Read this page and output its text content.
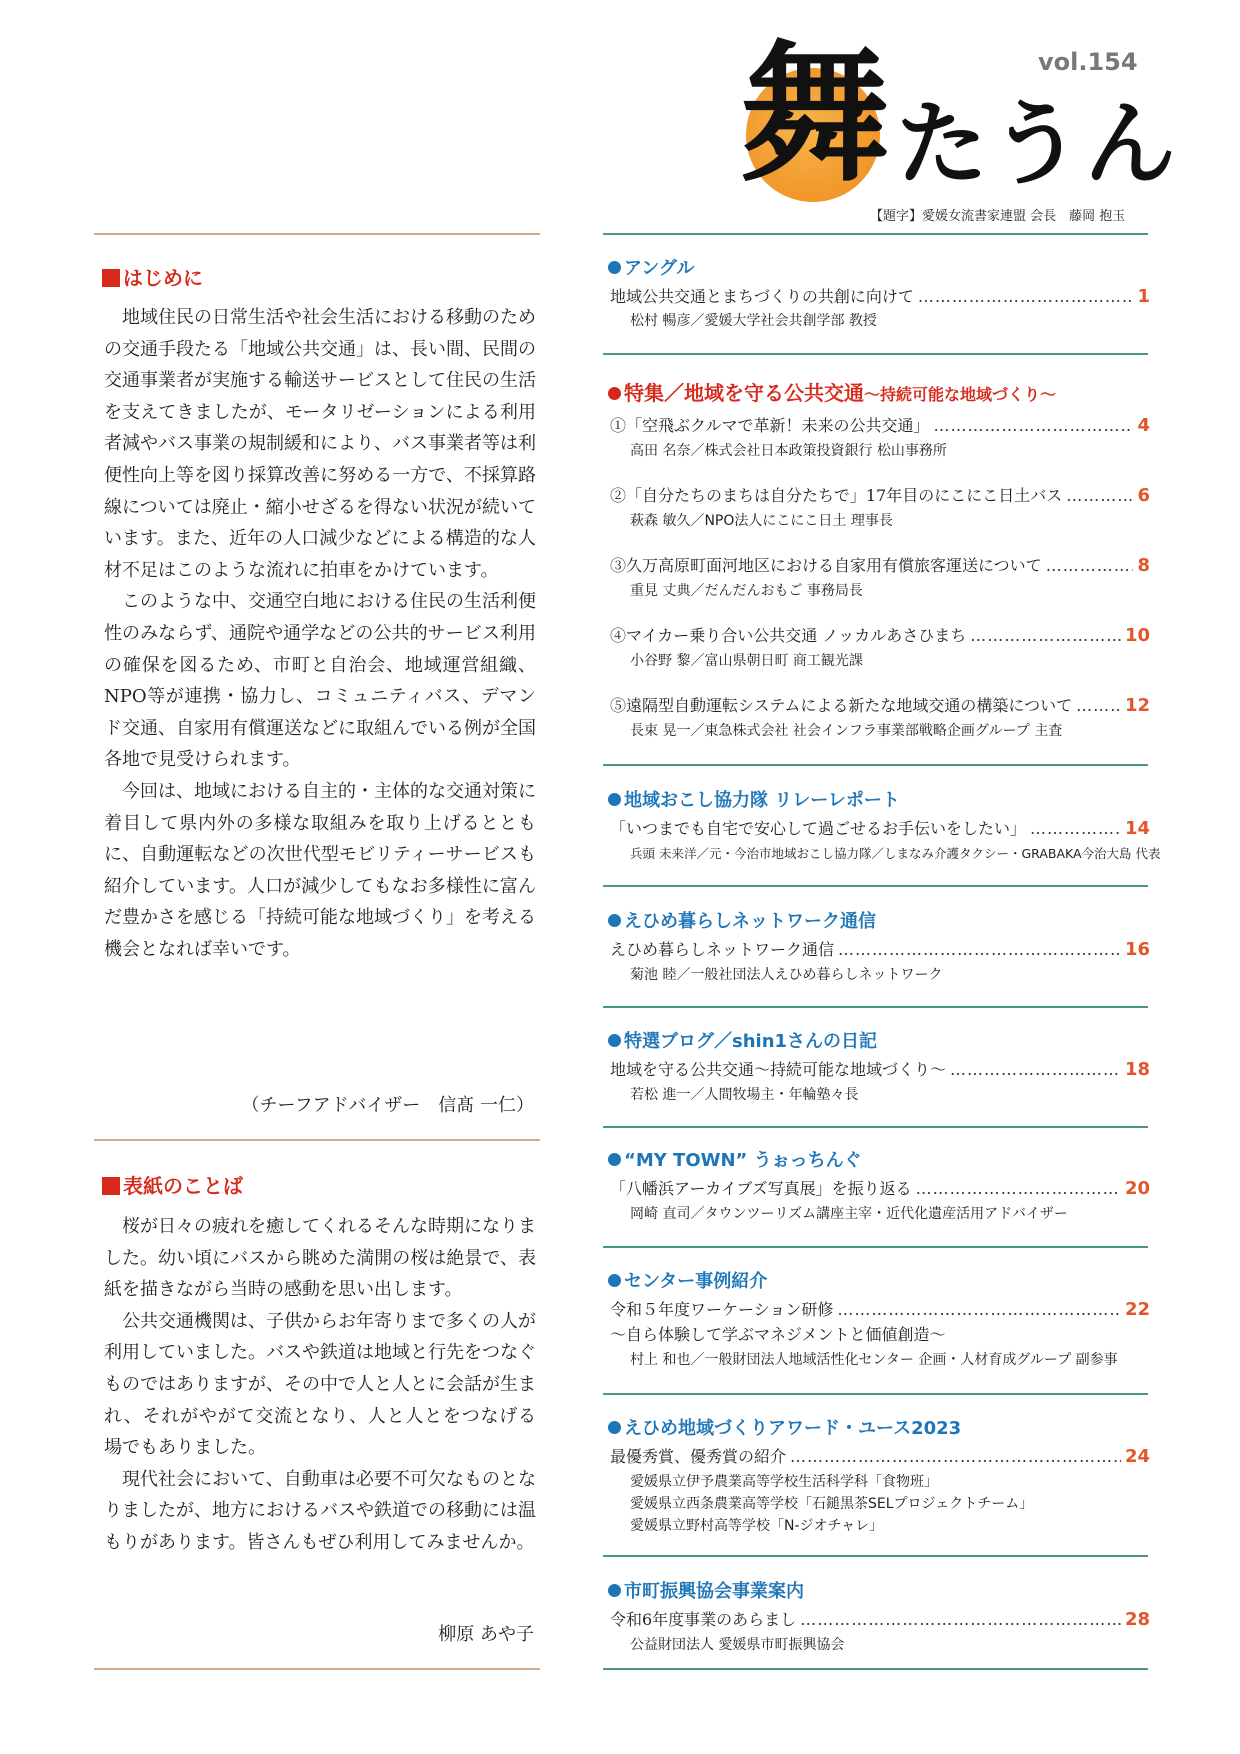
舞たうん
vol.154
【題字】愛媛女流書家連盟 会長　藤岡 抱玉
はじめに

地域住民の日常生活や社会生活における移動のための交通手段たる「地域公共交通」は、長い間、民間の交通事業者が実施する輸送サービスとして住民の生活を支えてきましたが、モータリゼーションによる利用者減やバス事業の規制緩和により、バス事業者等は利便性向上等を図り採算改善に努める一方で、不採算路線については廃止・縮小せざるを得ない状況が続いています。また、近年の人口減少などによる構造的な人材不足はこのような流れに拍車をかけています。

このような中、交通空白地における住民の生活利便性のみならず、通院や通学などの公共的サービス利用の確保を図るため、市町と自治会、地域運営組織、NPO等が連携・協力し、コミュニティバス、デマンド交通、自家用有償運送などに取組んでいる例が全国各地で見受けられます。

今回は、地域における自主的・主体的な交通対策に着目して県内外の多様な取組みを取り上げるとともに、自動運転などの次世代型モビリティーサービスも紹介しています。人口が減少してもなお多様性に富んだ豊かさを感じる「持続可能な地域づくり」を考える機会となれば幸いです。

（チーフアドバイザー　信髙 一仁）
表紙のことば

桜が日々の疲れを癒してくれるそんな時期になりました。幼い頃にバスから眺めた満開の桜は絶景で、表紙を描きながら当時の感動を思い出します。

公共交通機関は、子供からお年寄りまで多くの人が利用していました。バスや鉄道は地域と行先をつなぐものではありますが、その中で人と人とに会話が生まれ、それがやがて交流となり、人と人とをつなげる場でもありました。

現代社会において、自動車は必要不可欠なものとなりましたが、地方におけるバスや鉄道での移動には温もりがあります。皆さんもぜひ利用してみませんか。

柳原 あや子
アングル
地域公共交通とまちづくりの共創に向けて …………………………………………………………………………………	1
松村 暢彦／愛媛大学社会共創学部 教授
特集／地域を守る公共交通〜持続可能な地域づくり〜
①「空飛ぶクルマで革新！未来の公共交通」 …………………………………………………………………………………	4
高田 名奈／株式会社日本政策投資銀行 松山事務所
②「自分たちのまちは自分たちで」17年目のにこにこ日土バス …………………………………………………………………………………	6
萩森 敏久／NPO法人にこにこ日土 理事長
③久万高原町面河地区における自家用有償旅客運送について …………………………………………………………………………………	8
重見 丈典／だんだんおもご 事務局長
④マイカー乗り合い公共交通 ノッカルあさひまち …………………………………………………………………………………	10
小谷野 黎／富山県朝日町 商工観光課
⑤遠隔型自動運転システムによる新たな地域交通の構築について …………………………………………………………………………………	12
長束 晃一／東急株式会社 社会インフラ事業部戦略企画グループ 主査
地域おこし協力隊 リレーレポート
「いつまでも自宅で安心して過ごせるお手伝いをしたい」 …………………………………………………………………………………	14
兵頭 未来洋／元・今治市地域おこし協力隊／しまなみ介護タクシー・GRABAKA今治大島 代表
えひめ暮らしネットワーク通信
えひめ暮らしネットワーク通信 …………………………………………………………………………………	16
菊池 睦／一般社団法人えひめ暮らしネットワーク
特選ブログ／shin1さんの日記
地域を守る公共交通〜持続可能な地域づくり〜 …………………………………………………………………………………	18
若松 進一／人間牧場主・年輪塾々長
“MY TOWN” うぉっちんぐ
「八幡浜アーカイブズ写真展」を振り返る …………………………………………………………………………………	20
岡崎 直司／タウンツーリズム講座主宰・近代化遺産活用アドバイザー
センター事例紹介
令和５年度ワーケーション研修 …………………………………………………………………………………	22
〜自ら体験して学ぶマネジメントと価値創造〜
村上 和也／一般財団法人地域活性化センター 企画・人材育成グループ 副参事
えひめ地域づくりアワード・ユース2023
最優秀賞、優秀賞の紹介 …………………………………………………………………………………	24
愛媛県立伊予農業高等学校生活科学科「食物班」
愛媛県立西条農業高等学校「石鎚黒茶SELプロジェクトチーム」
愛媛県立野村高等学校「N-ジオチャレ」
市町振興協会事業案内
令和6年度事業のあらまし …………………………………………………………………………………	28
公益財団法人 愛媛県市町振興協会
